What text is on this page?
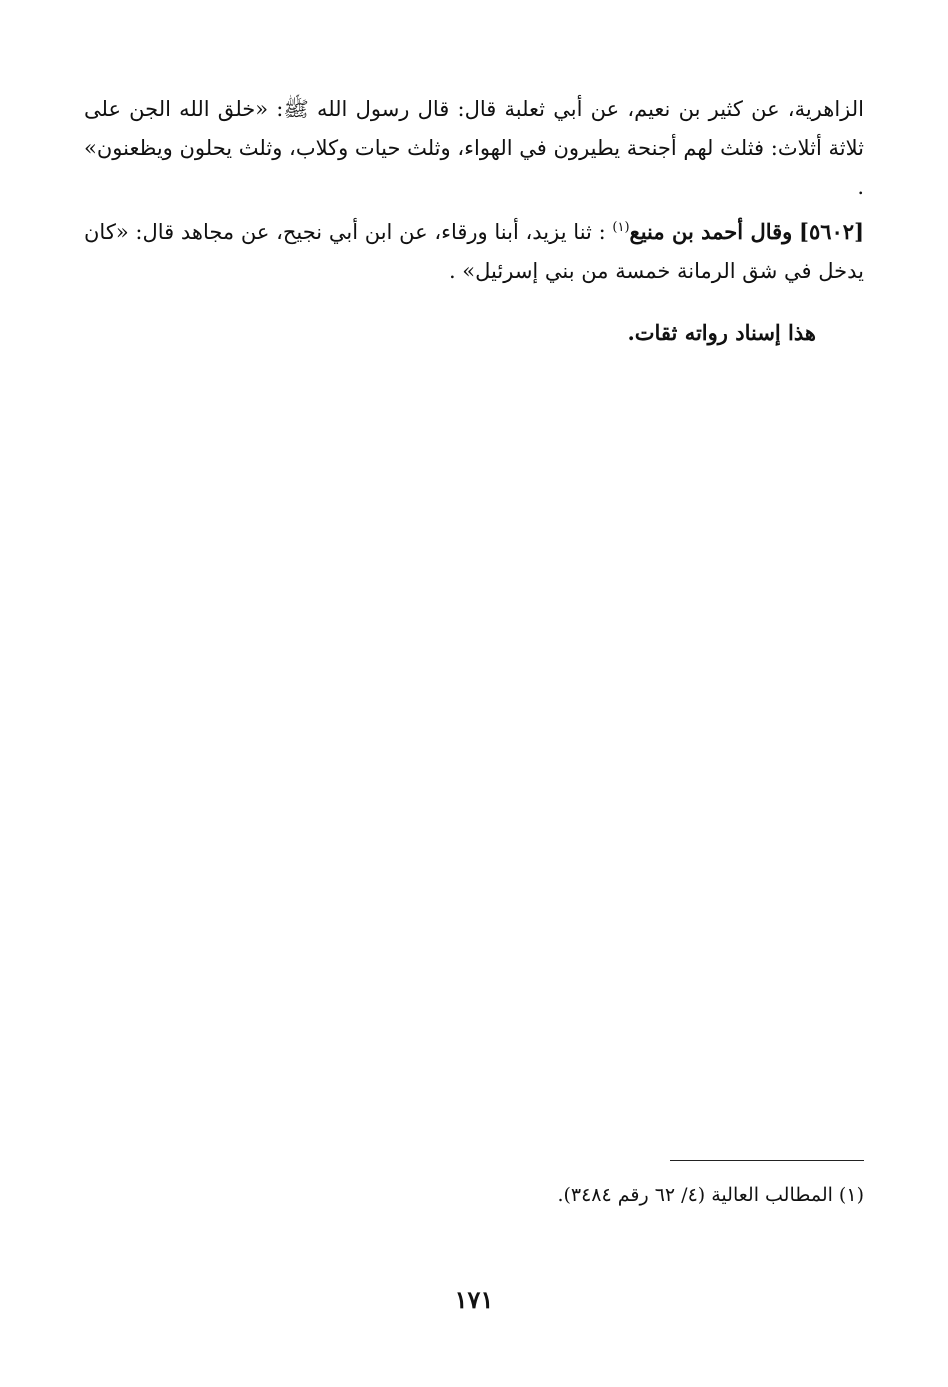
الزاهرية، عن كثير بن نعيم، عن أبي ثعلبة قال: قال رسول الله ﷺ: «خلق الله الجن على ثلاثة أثلاث: فثلث لهم أجنحة يطيرون في الهواء، وثلث حيات وكلاب، وثلث يحلون ويظعنون» .

[٥٦٠٢] وقال أحمد بن منيع$^{(١)}$ : ثنا يزيد، أبنا ورقاء، عن ابن أبي نجيح، عن مجاهد قال: «كان يدخل في شق الرمانة خمسة من بني إسرئيل» .

هذا إسناد رواته ثقات.

(١) المطالب العالية (٤/ ٦٢ رقم ٣٤٨٤).
١٧١
